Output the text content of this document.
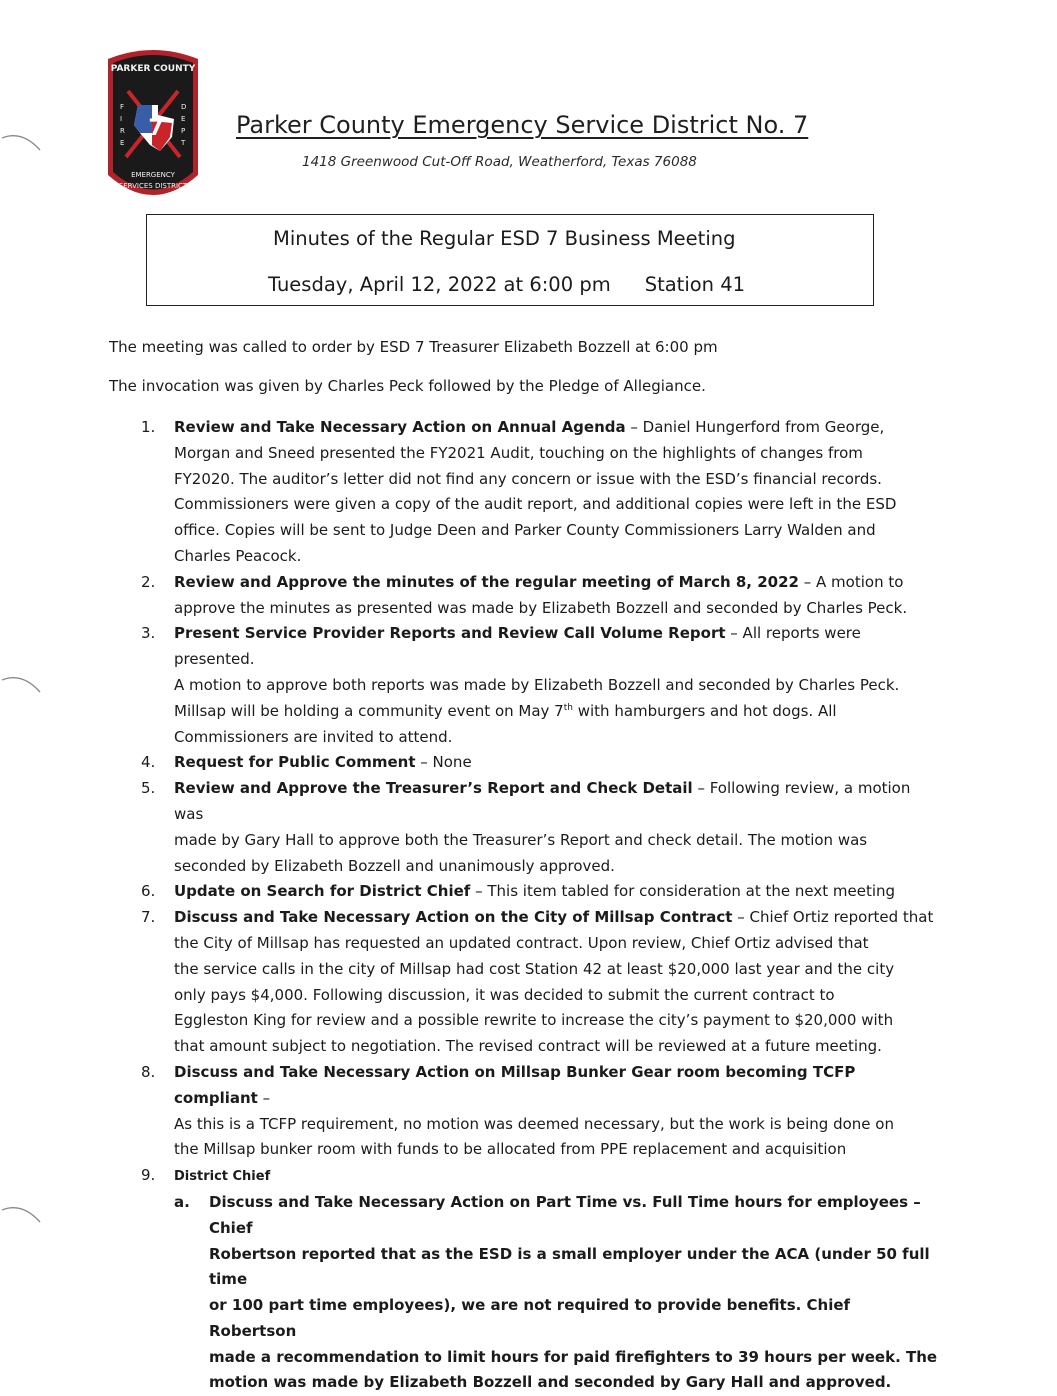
PARKER COUNTY
7
F
I
R
E
D
E
P
T
EMERGENCY
SERVICES DISTRICT
Parker County Emergency Service District No. 7
1418 Greenwood Cut-Off Road, Weatherford, Texas 76088
Minutes of the Regular ESD 7 Business Meeting
Tuesday, April 12, 2022 at 6:00 pm Station 41
The meeting was called to order by ESD 7 Treasurer Elizabeth Bozzell at 6:00 pm
The invocation was given by Charles Peck followed by the Pledge of Allegiance.
1. Review and Take Necessary Action on Annual Agenda – Daniel Hungerford from George,
Morgan and Sneed presented the FY2021 Audit, touching on the highlights of changes from
FY2020. The auditor’s letter did not find any concern or issue with the ESD’s financial records.
Commissioners were given a copy of the audit report, and additional copies were left in the ESD
office. Copies will be sent to Judge Deen and Parker County Commissioners Larry Walden and
Charles Peacock.
2. Review and Approve the minutes of the regular meeting of March 8, 2022 – A motion to
approve the minutes as presented was made by Elizabeth Bozzell and seconded by Charles Peck.
3. Present Service Provider Reports and Review Call Volume Report – All reports were presented.
A motion to approve both reports was made by Elizabeth Bozzell and seconded by Charles Peck.
Millsap will be holding a community event on May 7th with hamburgers and hot dogs. All
Commissioners are invited to attend.
4. Request for Public Comment – None
5. Review and Approve the Treasurer’s Report and Check Detail – Following review, a motion was
made by Gary Hall to approve both the Treasurer’s Report and check detail. The motion was
seconded by Elizabeth Bozzell and unanimously approved.
6. Update on Search for District Chief – This item tabled for consideration at the next meeting
7. Discuss and Take Necessary Action on the City of Millsap Contract – Chief Ortiz reported that
the City of Millsap has requested an updated contract. Upon review, Chief Ortiz advised that
the service calls in the city of Millsap had cost Station 42 at least $20,000 last year and the city
only pays $4,000. Following discussion, it was decided to submit the current contract to
Eggleston King for review and a possible rewrite to increase the city’s payment to $20,000 with
that amount subject to negotiation. The revised contract will be reviewed at a future meeting.
8. Discuss and Take Necessary Action on Millsap Bunker Gear room becoming TCFP compliant –
As this is a TCFP requirement, no motion was deemed necessary, but the work is being done on
the Millsap bunker room with funds to be allocated from PPE replacement and acquisition
9. District Chief
a. Discuss and Take Necessary Action on Part Time vs. Full Time hours for employees – Chief
Robertson reported that as the ESD is a small employer under the ACA (under 50 full time
or 100 part time employees), we are not required to provide benefits. Chief Robertson
made a recommendation to limit hours for paid firefighters to 39 hours per week. The
motion was made by Elizabeth Bozzell and seconded by Gary Hall and approved.
